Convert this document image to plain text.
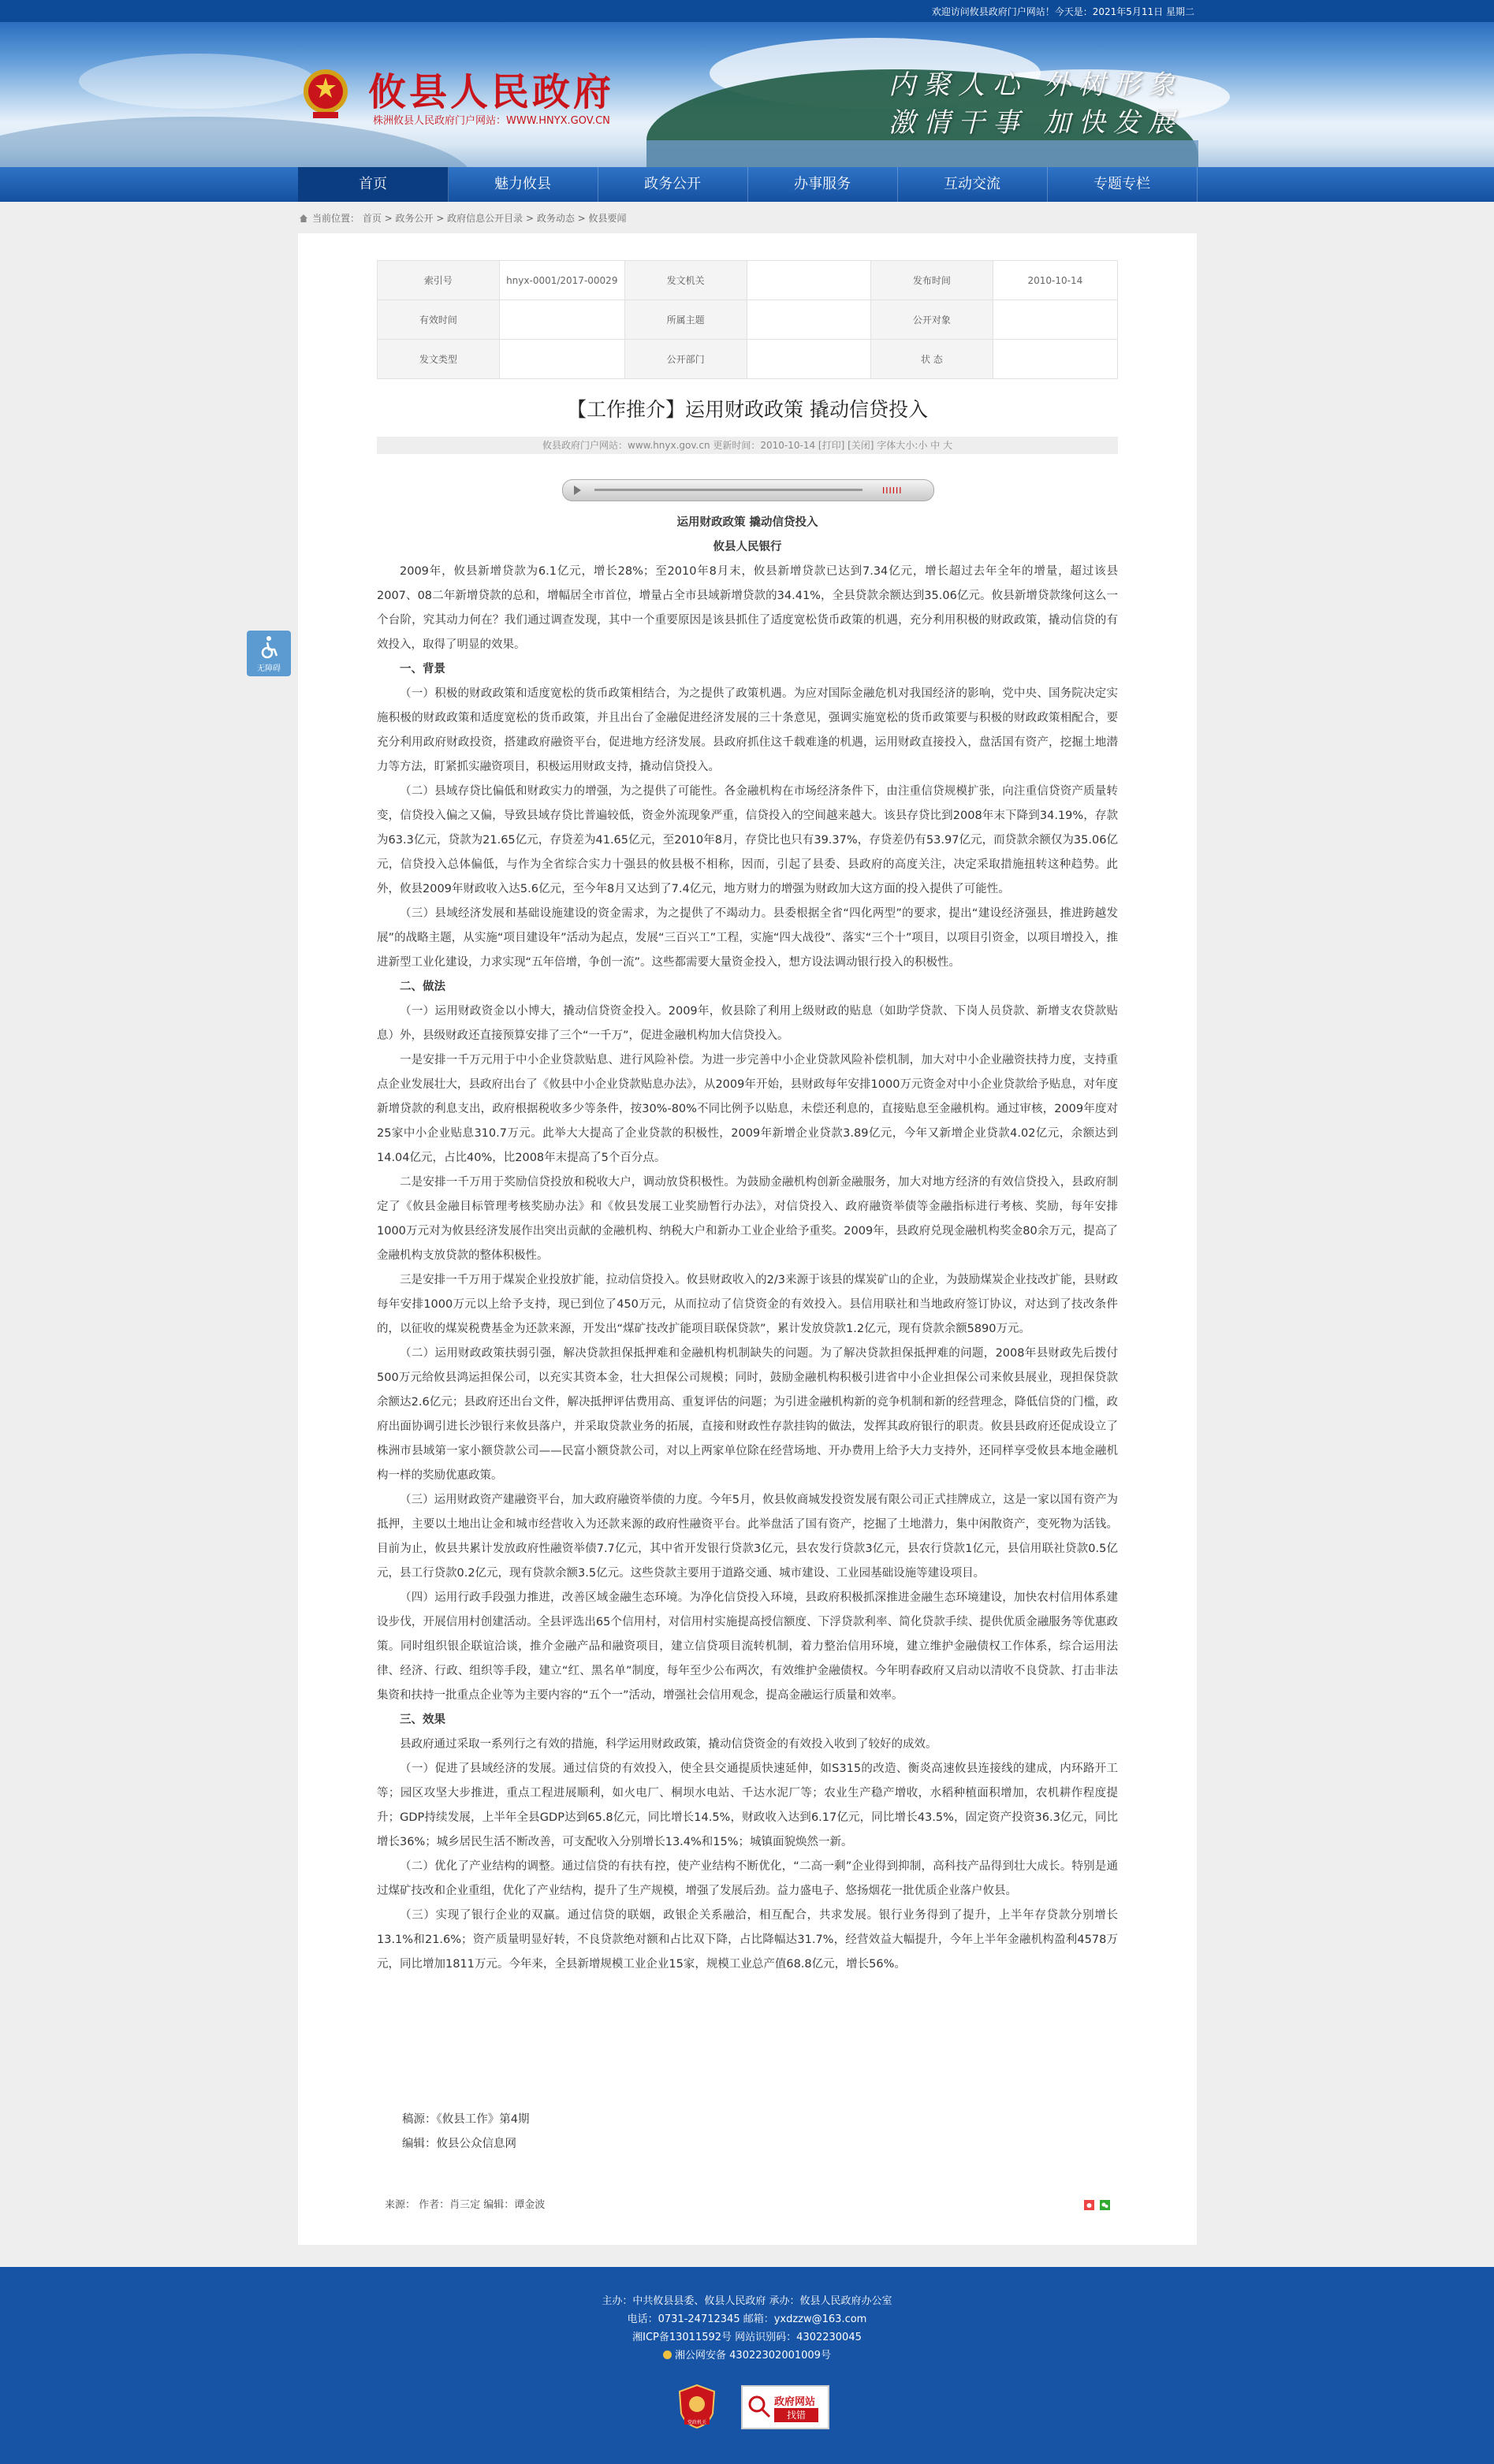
欢迎访问攸县政府门户网站！今天是：2021年5月11日 星期二
攸县人民政府
株洲攸县人民政府门户网站：WWW.HNYX.GOV.CN
内聚人心 外树形象
激情干事 加快发展
首页	魅力攸县	政务公开	办事服务	互动交流	专题专栏
当前位置： 首页 > 政务公开 > 政府信息公开目录 > 政务动态 > 攸县要闻
无障碍
索引号	hnyx-0001/2017-00029	发文机关		发布时间	2010-10-14
有效时间		所属主题		公开对象	
发文类型		公开部门		状 态	
【工作推介】运用财政政策 撬动信贷投入
攸县政府门户网站：www.hnyx.gov.cn 更新时间：2010-10-14 [打印] [关闭] 字体大小:小 中 大
IIIIII

运用财政政策 撬动信贷投入

攸县人民银行

2009年，攸县新增贷款为6.1亿元，增长28%；至2010年8月末，攸县新增贷款已达到7.34亿元，增长超过去年全年的增量，超过该县2007、08二年新增贷款的总和，增幅居全市首位，增量占全市县域新增贷款的34.41%，全县贷款余额达到35.06亿元。攸县新增贷款缘何这么一个台阶，究其动力何在？我们通过调查发现，其中一个重要原因是该县抓住了适度宽松货币政策的机遇，充分利用积极的财政政策，撬动信贷的有效投入，取得了明显的效果。

一、背景

（一）积极的财政政策和适度宽松的货币政策相结合，为之提供了政策机遇。为应对国际金融危机对我国经济的影响，党中央、国务院决定实施积极的财政政策和适度宽松的货币政策，并且出台了金融促进经济发展的三十条意见，强调实施宽松的货币政策要与积极的财政政策相配合，要充分利用政府财政投资，搭建政府融资平台，促进地方经济发展。县政府抓住这千载难逢的机遇，运用财政直接投入，盘活国有资产，挖掘土地潜力等方法，盯紧抓实融资项目，积极运用财政支持，撬动信贷投入。

（二）县域存贷比偏低和财政实力的增强，为之提供了可能性。各金融机构在市场经济条件下，由注重信贷规模扩张，向注重信贷资产质量转变，信贷投入偏之又偏，导致县域存贷比普遍较低，资金外流现象严重，信贷投入的空间越来越大。该县存贷比到2008年末下降到34.19%，存款为63.3亿元，贷款为21.65亿元，存贷差为41.65亿元，至2010年8月，存贷比也只有39.37%，存贷差仍有53.97亿元，而贷款余额仅为35.06亿元，信贷投入总体偏低，与作为全省综合实力十强县的攸县极不相称，因而，引起了县委、县政府的高度关注，决定采取措施扭转这种趋势。此外，攸县2009年财政收入达5.6亿元，至今年8月又达到了7.4亿元，地方财力的增强为财政加大这方面的投入提供了可能性。

（三）县域经济发展和基础设施建设的资金需求，为之提供了不竭动力。县委根据全省“四化两型”的要求，提出“建设经济强县，推进跨越发展”的战略主题，从实施“项目建设年”活动为起点，发展“三百兴工”工程，实施“四大战役”、落实“三个十”项目，以项目引资金，以项目增投入，推进新型工业化建设，力求实现“五年倍增，争创一流”。这些都需要大量资金投入，想方设法调动银行投入的积极性。

二、做法

（一）运用财政资金以小博大，撬动信贷资金投入。2009年，攸县除了利用上级财政的贴息（如助学贷款、下岗人员贷款、新增支农贷款贴息）外，县级财政还直接预算安排了三个“一千万”，促进金融机构加大信贷投入。

一是安排一千万元用于中小企业贷款贴息、进行风险补偿。为进一步完善中小企业贷款风险补偿机制，加大对中小企业融资扶持力度，支持重点企业发展壮大，县政府出台了《攸县中小企业贷款贴息办法》，从2009年开始，县财政每年安排1000万元资金对中小企业贷款给予贴息，对年度新增贷款的利息支出，政府根据税收多少等条件，按30%-80%不同比例予以贴息，未偿还利息的，直接贴息至金融机构。通过审核，2009年度对25家中小企业贴息310.7万元。此举大大提高了企业贷款的积极性，2009年新增企业贷款3.89亿元，今年又新增企业贷款4.02亿元，余额达到14.04亿元，占比40%，比2008年末提高了5个百分点。

二是安排一千万用于奖励信贷投放和税收大户，调动放贷积极性。为鼓励金融机构创新金融服务，加大对地方经济的有效信贷投入，县政府制定了《攸县金融目标管理考核奖励办法》和《攸县发展工业奖励暂行办法》，对信贷投入、政府融资举债等金融指标进行考核、奖励，每年安排1000万元对为攸县经济发展作出突出贡献的金融机构、纳税大户和新办工业企业给予重奖。2009年，县政府兑现金融机构奖金80余万元，提高了金融机构支放贷款的整体积极性。

三是安排一千万用于煤炭企业投放扩能，拉动信贷投入。攸县财政收入的2/3来源于该县的煤炭矿山的企业，为鼓励煤炭企业技改扩能，县财政每年安排1000万元以上给予支持，现已到位了450万元，从而拉动了信贷资金的有效投入。县信用联社和当地政府签订协议，对达到了技改条件的，以征收的煤炭税费基金为还款来源，开发出“煤矿技改扩能项目联保贷款”，累计发放贷款1.2亿元，现有贷款余额5890万元。

（二）运用财政政策扶弱引强，解决贷款担保抵押难和金融机构机制缺失的问题。为了解决贷款担保抵押难的问题，2008年县财政先后拨付500万元给攸县鸿运担保公司，以充实其资本金，壮大担保公司规模；同时，鼓励金融机构积极引进省中小企业担保公司来攸县展业，现担保贷款余额达2.6亿元；县政府还出台文件，解决抵押评估费用高、重复评估的问题；为引进金融机构新的竞争机制和新的经营理念，降低信贷的门槛，政府出面协调引进长沙银行来攸县落户，并采取贷款业务的拓展，直接和财政性存款挂钩的做法，发挥其政府银行的职责。攸县县政府还促成设立了株洲市县域第一家小额贷款公司——民富小额贷款公司，对以上两家单位除在经营场地、开办费用上给予大力支持外，还同样享受攸县本地金融机构一样的奖励优惠政策。

（三）运用财政资产建融资平台，加大政府融资举债的力度。今年5月，攸县攸商城发投资发展有限公司正式挂牌成立，这是一家以国有资产为抵押，主要以土地出让金和城市经营收入为还款来源的政府性融资平台。此举盘活了国有资产，挖掘了土地潜力，集中闲散资产，变死物为活钱。目前为止，攸县共累计发放政府性融资举债7.7亿元，其中省开发银行贷款3亿元，县农发行贷款3亿元，县农行贷款1亿元，县信用联社贷款0.5亿元，县工行贷款0.2亿元，现有贷款余额3.5亿元。这些贷款主要用于道路交通、城市建设、工业园基础设施等建设项目。

（四）运用行政手段强力推进，改善区域金融生态环境。为净化信贷投入环境，县政府积极抓深推进金融生态环境建设，加快农村信用体系建设步伐，开展信用村创建活动。全县评选出65个信用村，对信用村实施提高授信额度、下浮贷款利率、简化贷款手续、提供优质金融服务等优惠政策。同时组织银企联谊洽谈，推介金融产品和融资项目，建立信贷项目流转机制，着力整治信用环境，建立维护金融债权工作体系，综合运用法律、经济、行政、组织等手段，建立“红、黑名单”制度，每年至少公布两次，有效维护金融债权。今年明春政府又启动以清收不良贷款、打击非法集资和扶持一批重点企业等为主要内容的“五个一”活动，增强社会信用观念，提高金融运行质量和效率。

三、效果

县政府通过采取一系列行之有效的措施，科学运用财政政策，撬动信贷资金的有效投入收到了较好的成效。

（一）促进了县域经济的发展。通过信贷的有效投入，使全县交通提质快速延伸，如S315的改造、衡炎高速攸县连接线的建成，内环路开工等；园区攻坚大步推进，重点工程进展顺利，如火电厂、桐坝水电站、千达水泥厂等；农业生产稳产增收，水稻种植面积增加，农机耕作程度提升；GDP持续发展，上半年全县GDP达到65.8亿元，同比增长14.5%，财政收入达到6.17亿元，同比增长43.5%，固定资产投资36.3亿元，同比增长36%；城乡居民生活不断改善，可支配收入分别增长13.4%和15%；城镇面貌焕然一新。

（二）优化了产业结构的调整。通过信贷的有扶有控，使产业结构不断优化，“二高一剩”企业得到抑制，高科技产品得到壮大成长。特别是通过煤矿技改和企业重组，优化了产业结构，提升了生产规模，增强了发展后劲。益力盛电子、悠扬烟花一批优质企业落户攸县。

（三）实现了银行企业的双赢。通过信贷的联姻，政银企关系融洽，相互配合，共求发展。银行业务得到了提升，上半年存贷款分别增长13.1%和21.6%；资产质量明显好转，不良贷款绝对额和占比双下降，占比降幅达31.7%，经营效益大幅提升，今年上半年金融机构盈利4578万元，同比增加1811万元。今年来，全县新增规模工业企业15家，规模工业总产值68.8亿元，增长56%。

稿源：《攸县工作》第4期
编辑：攸县公众信息网
来源： 作者：肖三定 编辑：谭金波
主办：中共攸县县委、攸县人民政府 承办：攸县人民政府办公室
电话：0731-24712345 邮箱：yxdzzw@163.com
湘ICP备13011592号 网站识别码：4302230045
湘公网安备 43022302001009号
党政机关
政府网站
找错
